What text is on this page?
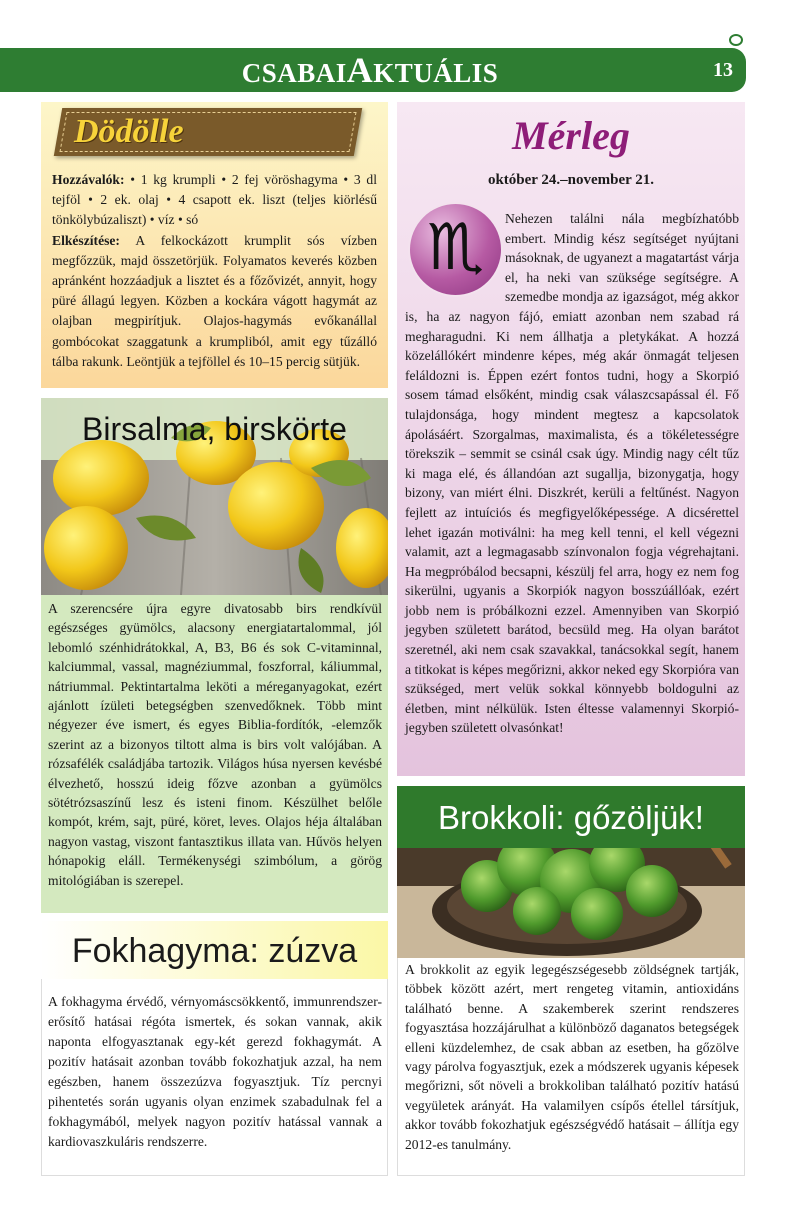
CSABAIAKTUÁLIS	13
Dödölle
Hozzávalók: • 1 kg krumpli • 2 fej vöröshagyma • 3 dl tejföl • 2 ek. olaj • 4 csapott ek. liszt (teljes kiörlésű tönkölybúzaliszt) • víz • só
Elkészítése: A felkockázott krumplit sós vízben megfőzzük, majd összetörjük. Folyamatos keverés közben apránként hozzáadjuk a lisztet és a főzővizét, annyit, hogy püré állagú legyen. Közben a kockára vágott hagymát az olajban megpirítjuk. Olajos-hagymás evőkanállal gombócokat szaggatunk a krumpliból, amit egy tűzálló tálba rakunk. Leöntjük a tejföllel és 10–15 percig sütjük.
Birsalma, birskörte
A szerencsére újra egyre divatosabb birs rendkívül egészséges gyümölcs, alacsony energiatartalommal, jól lebomló szénhidrátokkal, A, B3, B6 és sok C-vitaminnal, kalciummal, vassal, magnéziummal, foszforral, káliummal, nátriummal. Pektintartalma leköti a méreganyagokat, ezért ajánlott ízületi betegségben szenvedőknek. Több mint négyezer éve ismert, és egyes Biblia-fordítók, -elemzők szerint az a bizonyos tiltott alma is birs volt valójában. A rózsafélék családjába tartozik. Világos húsa nyersen kevésbé élvezhető, hosszú ideig főzve azonban a gyümölcs sötétrózsaszínű lesz és isteni finom. Készülhet belőle kompót, krém, sajt, püré, köret, leves. Olajos héja általában nagyon vastag, viszont fantasztikus illata van. Hűvös helyen hónapokig eláll. Termékenységi szimbólum, a görög mitológiában is szerepel.
Fokhagyma: zúzva
A fokhagyma érvédő, vérnyomáscsökkentő, immunrendszer-erősítő hatásai régóta ismertek, és sokan vannak, akik naponta elfogyasztanak egy-két gerezd fokhagymát. A pozitív hatásait azonban tovább fokozhatjuk azzal, ha nem egészben, hanem összezúzva fogyasztjuk. Tíz percnyi pihentetés során ugyanis olyan enzimek szabadulnak fel a fokhagymából, melyek nagyon pozitív hatással vannak a kardiovaszkuláris rendszerre.
Mérleg
október 24.–november 21.
♏	Nehezen találni nála megbízhatóbb embert. Mindig kész segítséget nyújtani másoknak, de ugyanezt a magatartást várja el, ha neki van szüksége segítségre. A szemedbe mondja az igazságot, még akkor is, ha az nagyon fájó, emiatt azonban nem szabad rá megharagudni. Ki nem állhatja a pletykákat. A hozzá közelállókért mindenre képes, még akár önmagát teljesen feláldozni is. Éppen ezért fontos tudni, hogy a Skorpió sosem támad elsőként, mindig csak válaszcsapással él. Fő tulajdonsága, hogy mindent megtesz a kapcsolatok ápolásáért. Szorgalmas, maximalista, és a tökéletességre törekszik – semmit se csinál csak úgy. Mindig nagy célt tűz ki maga elé, és állandóan azt sugallja, bizonygatja, hogy bizony, van miért élni. Diszkrét, kerüli a feltűnést. Nagyon fejlett az intuíciós és megfigyelőképessége. A dicsérettel lehet igazán motiválni: ha meg kell tenni, el kell végezni valamit, azt a legmagasabb színvonalon fogja végrehajtani. Ha megpróbálod becsapni, készülj fel arra, hogy ez nem fog sikerülni, ugyanis a Skorpiók nagyon bosszúállóak, ezért jobb nem is próbálkozni ezzel. Amennyiben van Skorpió jegyben született barátod, becsüld meg. Ha olyan barátot szeretnél, aki nem csak szavakkal, tanácsokkal segít, hanem a titkokat is képes megőrizni, akkor neked egy Skorpióra van szükséged, mert velük sokkal könnyebb boldogulni az életben, mint nélkülük. Isten éltesse valamennyi Skorpió-jegyben született olvasónkat!
Brokkoli: gőzöljük!
A brokkolit az egyik legegészségesebb zöldségnek tartják, többek között azért, mert rengeteg vitamin, antioxidáns található benne. A szakemberek szerint rendszeres fogyasztása hozzájárulhat a különböző daganatos betegségek elleni küzdelemhez, de csak abban az esetben, ha gőzölve vagy párolva fogyasztjuk, ezek a módszerek ugyanis képesek megőrizni, sőt növeli a brokkoliban található pozitív hatású vegyületek arányát. Ha valamilyen csípős étellel társítjuk, akkor tovább fokozhatjuk egészségvédő hatásait – állítja egy 2012-es tanulmány.
